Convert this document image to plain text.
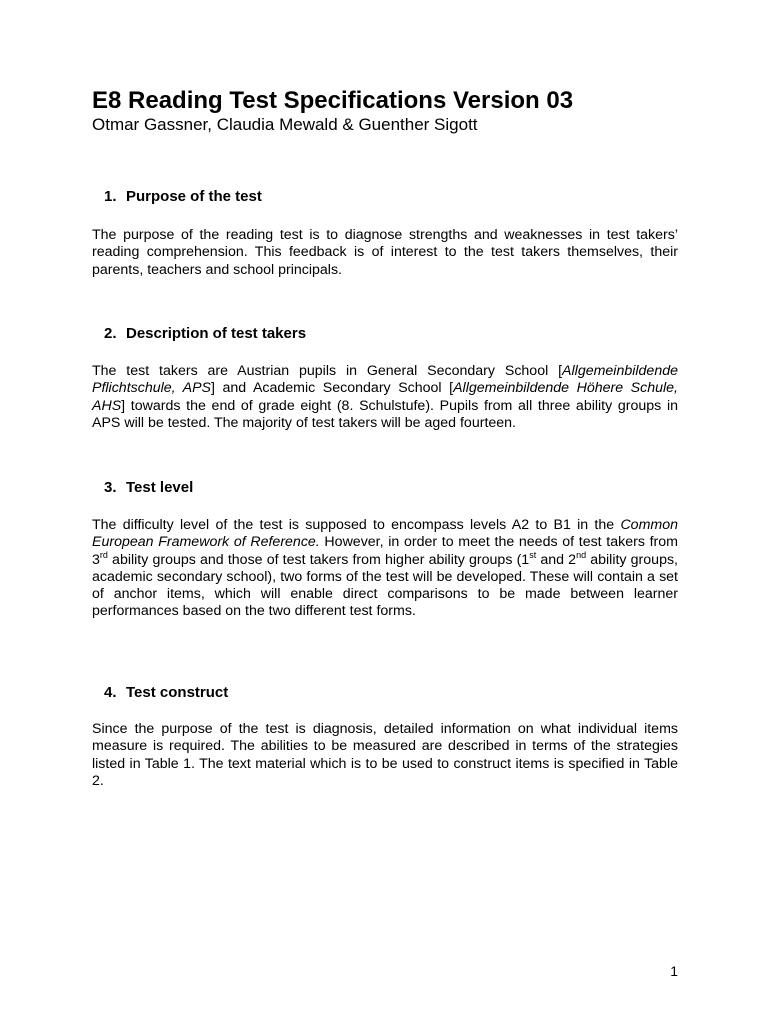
E8 Reading Test Specifications Version 03

Otmar Gassner, Claudia Mewald & Guenther Sigott

1. Purpose of the test

The purpose of the reading test is to diagnose strengths and weaknesses in test takers’ reading comprehension. This feedback is of interest to the test takers themselves, their parents, teachers and school principals.

2. Description of test takers

The test takers are Austrian pupils in General Secondary School [Allgemeinbildende Pflichtschule, APS] and Academic Secondary School [Allgemeinbildende Höhere Schule, AHS] towards the end of grade eight (8. Schulstufe). Pupils from all three ability groups in APS will be tested. The majority of test takers will be aged fourteen.

3. Test level

The difficulty level of the test is supposed to encompass levels A2 to B1 in the Common European Framework of Reference. However, in order to meet the needs of test takers from 3rd ability groups and those of test takers from higher ability groups (1st and 2nd ability groups, academic secondary school), two forms of the test will be developed. These will contain a set of anchor items, which will enable direct comparisons to be made between learner performances based on the two different test forms.

4. Test construct

Since the purpose of the test is diagnosis, detailed information on what individual items measure is required. The abilities to be measured are described in terms of the strategies listed in Table 1. The text material which is to be used to construct items is specified in Table 2.

1
